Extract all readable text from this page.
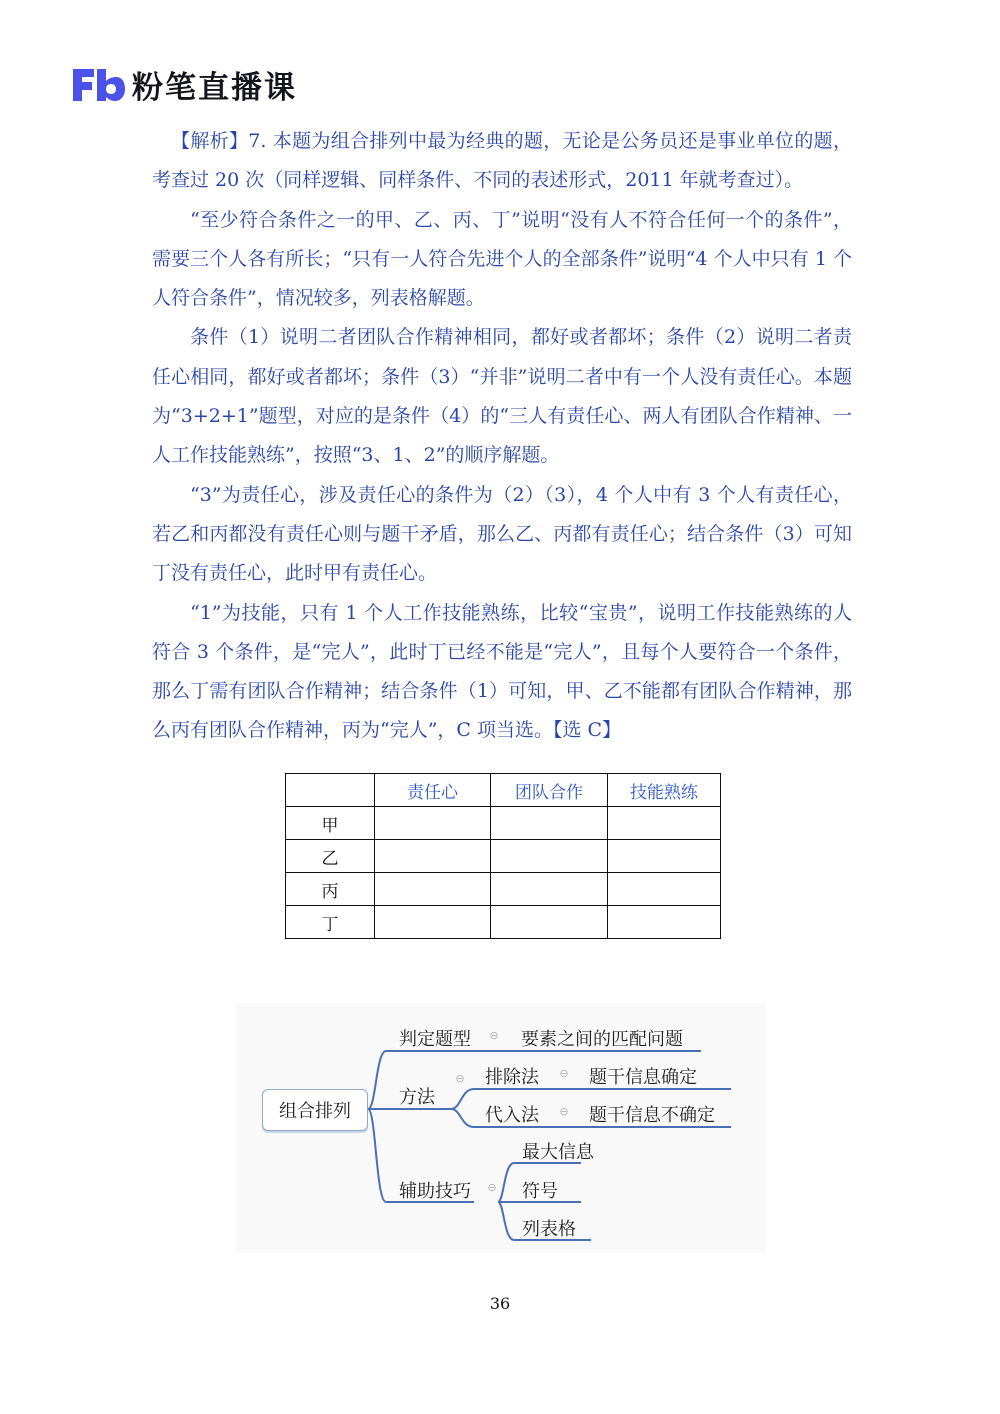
粉笔直播课

【解析】7. 本题为组合排列中最为经典的题，无论是公务员还是事业单位的题，考查过 20 次（同样逻辑、同样条件、不同的表述形式，2011 年就考查过）。

“至少符合条件之一的甲、乙、丙、丁”说明“没有人不符合任何一个的条件”，需要三个人各有所长；“只有一人符合先进个人的全部条件”说明“4 个人中只有 1 个人符合条件”，情况较多，列表格解题。

条件（1）说明二者团队合作精神相同，都好或者都坏；条件（2）说明二者责任心相同，都好或者都坏；条件（3）“并非”说明二者中有一个人没有责任心。本题为“3+2+1”题型，对应的是条件（4）的“三人有责任心、两人有团队合作精神、一人工作技能熟练”，按照“3、1、2”的顺序解题。

“3”为责任心，涉及责任心的条件为（2）（3），4 个人中有 3 个人有责任心，若乙和丙都没有责任心则与题干矛盾，那么乙、丙都有责任心；结合条件（3）可知丁没有责任心，此时甲有责任心。

“1”为技能，只有 1 个人工作技能熟练，比较“宝贵”，说明工作技能熟练的人符合 3 个条件，是“完人”，此时丁已经不能是“完人”，且每个人要符合一个条件，那么丁需有团队合作精神；结合条件（1）可知，甲、乙不能都有团队合作精神，那么丙有团队合作精神，丙为“完人”，C 项当选。【选 C】

	责任心	团队合作	技能熟练
甲			
乙			
丙			
丁			
组合排列
判定题型 ⊖ 要素之间的匹配问题
方法
⊖ 排除法 ⊖ 题干信息确定
代入法 ⊖ 题干信息不确定
辅助技巧 ⊖
最大信息
符号
列表格
36
